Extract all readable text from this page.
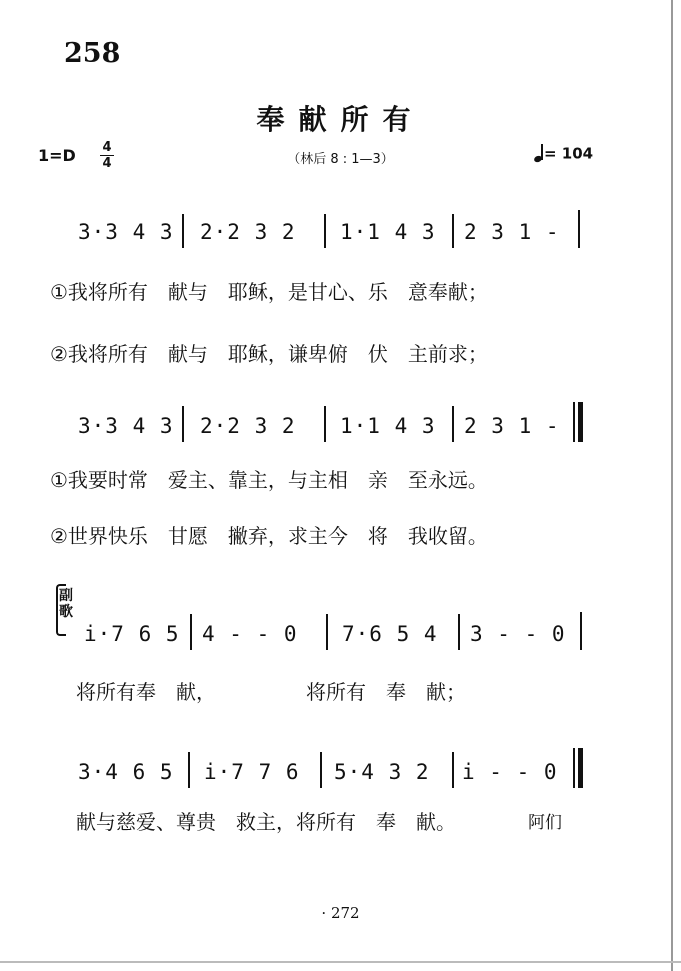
258
奉献所有
1=D 4
4	（林后 8 : 1—3）	= 104
3·3 4 3 2·2 3 2 1·1 4 3 2 3 1 -
①我将所有　献与　耶稣，是甘心、乐　意奉献；
②我将所有　献与　耶稣，谦卑俯　伏　主前求；
3·3 4 3 2·2 3 2 1·1 4 3 2 3 1 -
①我要时常　爱主、靠主，与主相　亲　至永远。
②世界快乐　甘愿　撇弃，求主今　将　我收留。
副歌
i·7 6 5 4 - - 0 7·6 5 4 3 - - 0
将所有奉　献，　　　　　将所有　奉　献；
3·4 6 5 i·7 7 6 5·4 3 2 i - - 0
献与慈爱、尊贵　救主，将所有　奉　献。	阿们
· 272
